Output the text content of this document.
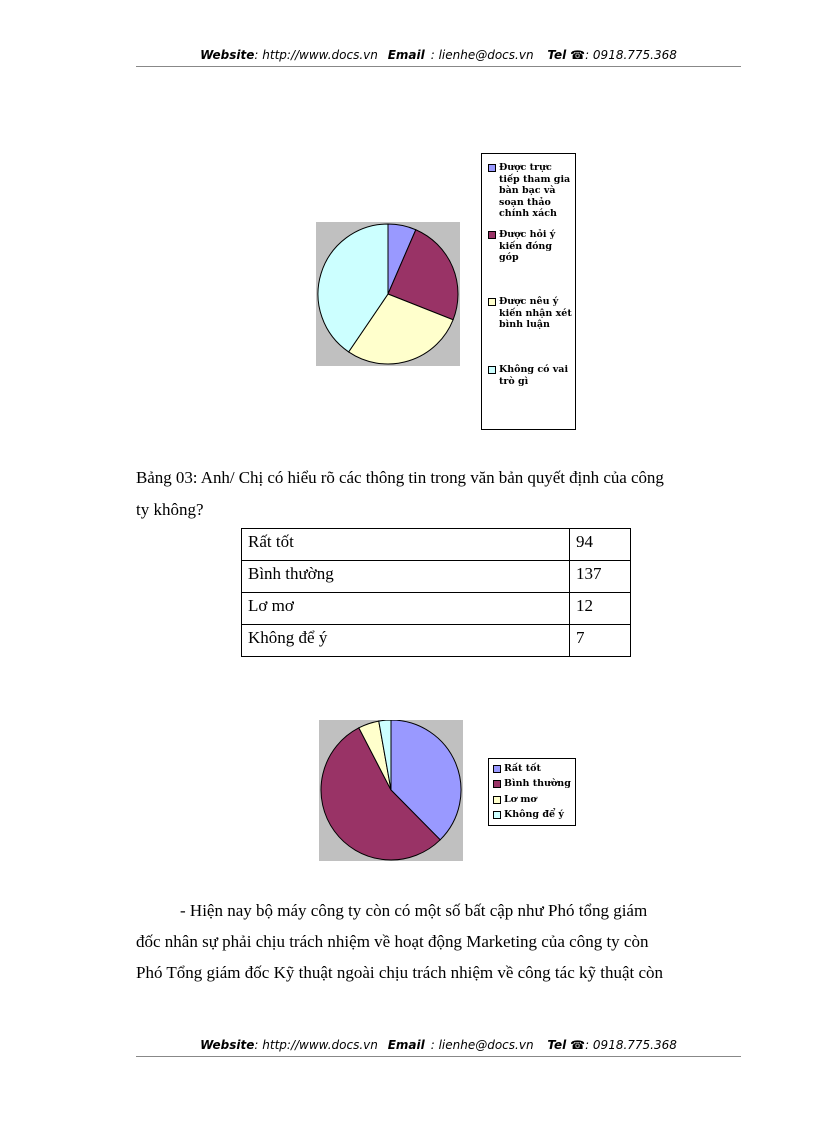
Website: http://www.docs.vn Email : lienhe@docs.vn Tel ☎: 0918.775.368
Được trực tiếp tham gia bàn bạc và soạn thảo chính xách
Được hỏi ý kiến đóng góp
Được nêu ý kiến nhận xét bình luận
Không có vai trò gì
Bảng 03: Anh/ Chị có hiểu rõ các thông tin trong văn bản quyết định của công
ty không?
Rất tốt	94
Bình thường	137
Lơ mơ	12
Không để ý	7
Rất tốt
Bình thường
Lơ mơ
Không để ý
- Hiện nay bộ máy công ty còn có một số bất cập như Phó tổng giám
đốc nhân sự phải chịu trách nhiệm về hoạt động Marketing của công ty còn
Phó Tổng giám đốc Kỹ thuật ngoài chịu trách nhiệm về công tác kỹ thuật còn
Website: http://www.docs.vn Email : lienhe@docs.vn Tel ☎: 0918.775.368
